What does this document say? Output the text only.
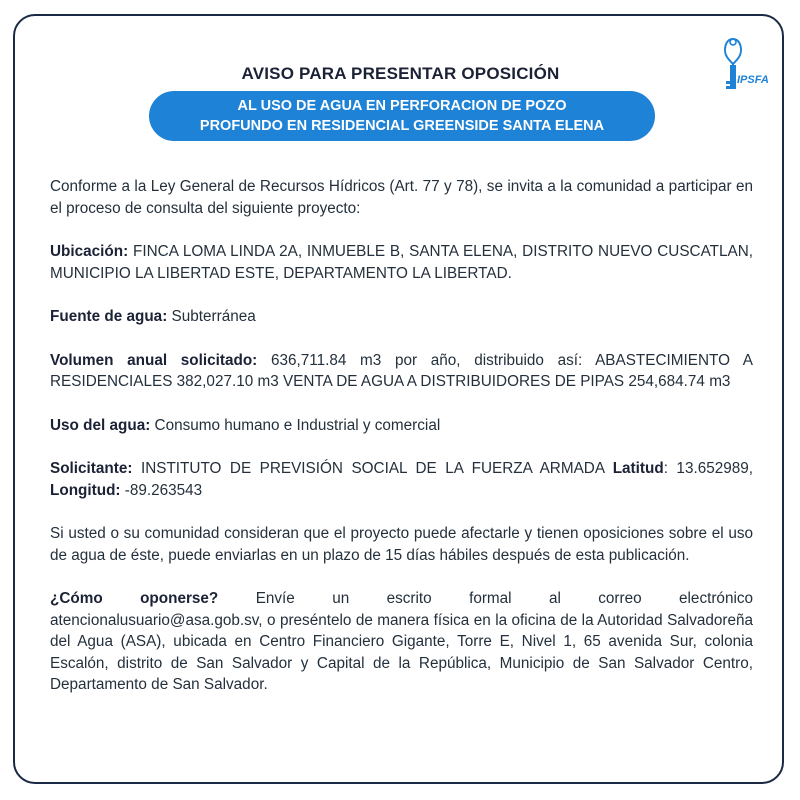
IPSFA
AVISO PARA PRESENTAR OPOSICIÓN
AL USO DE AGUA EN PERFORACION DE POZO
PROFUNDO EN RESIDENCIAL GREENSIDE SANTA ELENA

Conforme a la Ley General de Recursos Hídricos (Art. 77 y 78), se invita a la comunidad a participar en el proceso de consulta del siguiente proyecto:

Ubicación: FINCA LOMA LINDA 2A, INMUEBLE B, SANTA ELENA, DISTRITO NUEVO CUSCATLAN, MUNICIPIO LA LIBERTAD ESTE, DEPARTAMENTO LA LIBERTAD.

Fuente de agua: Subterránea

Volumen anual solicitado: 636,711.84 m3 por año, distribuido así: ABASTECIMIENTO A RESIDENCIALES 382,027.10 m3 VENTA DE AGUA A DISTRIBUIDORES DE PIPAS 254,684.74 m3

Uso del agua: Consumo humano e Industrial y comercial

Solicitante: INSTITUTO DE PREVISIÓN SOCIAL DE LA FUERZA ARMADA Latitud: 13.652989, Longitud: -89.263543

Si usted o su comunidad consideran que el proyecto puede afectarle y tienen oposiciones sobre el uso de agua de éste, puede enviarlas en un plazo de 15 días hábiles después de esta publicación.

¿Cómo oponerse? Envíe un escrito formal al correo electrónico
atencionalusuario@asa.gob.sv, o preséntelo de manera física en la oficina de la Autoridad Salvadoreña del Agua (ASA), ubicada en Centro Financiero Gigante, Torre E, Nivel 1, 65 avenida Sur, colonia Escalón, distrito de San Salvador y Capital de la República, Municipio de San Salvador Centro, Departamento de San Salvador.
